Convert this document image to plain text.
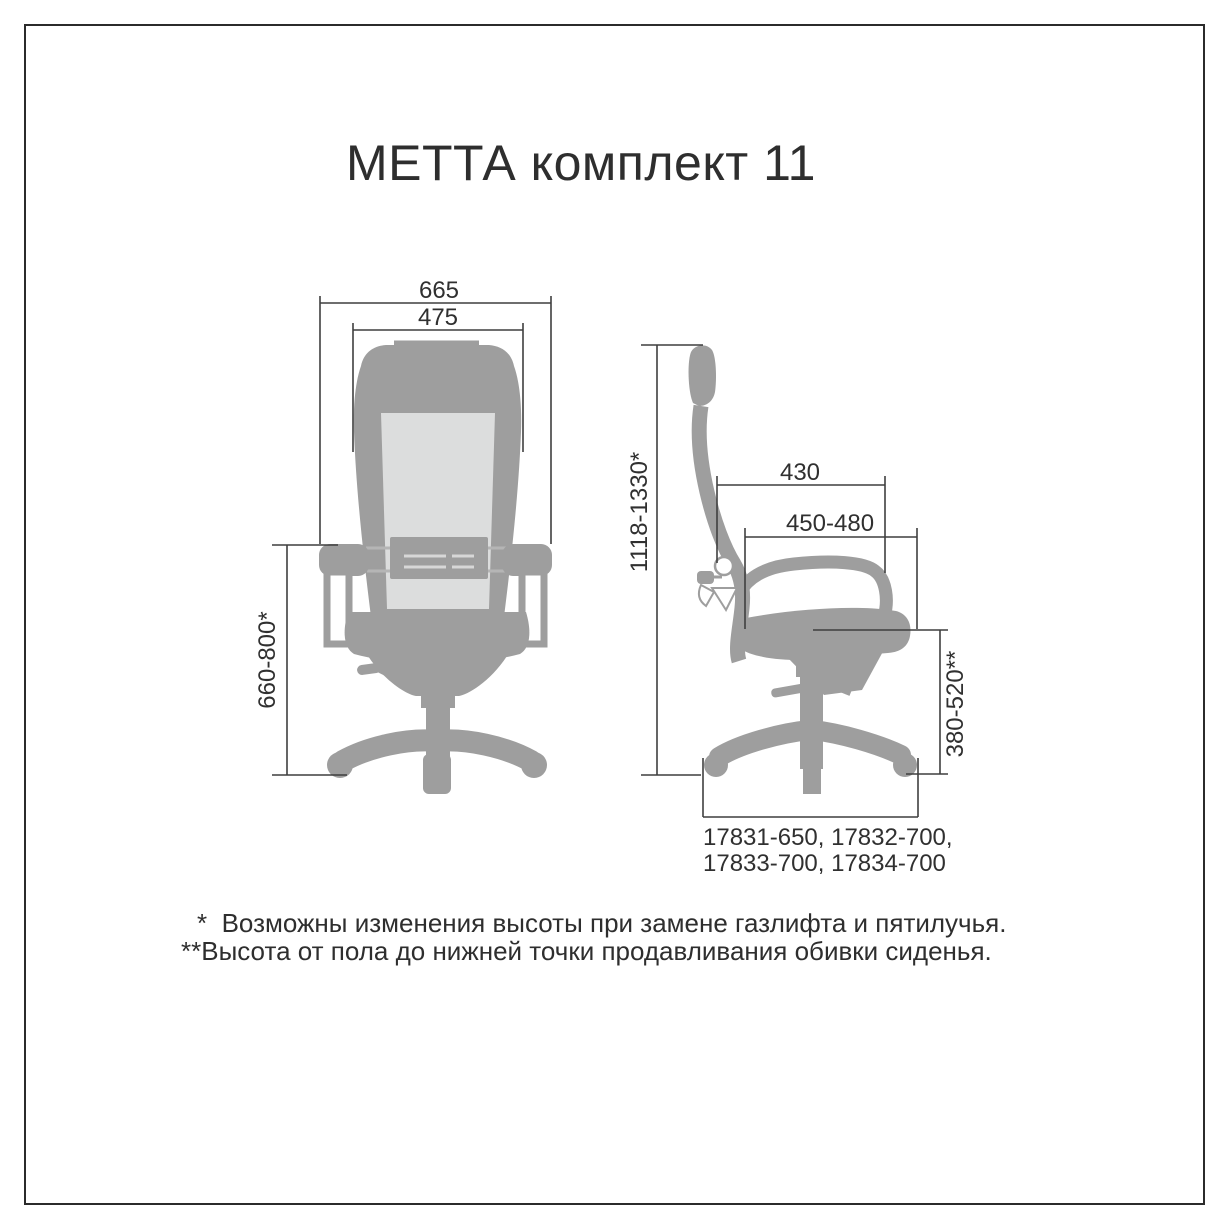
МЕТТА комплект 11
665
475
660-800*
430
450-480
1118-1330*
380-520**
17831-650, 17832-700,
17833-700, 17834-700
*  Возможны изменения высоты при замене газлифта и пятилучья.
**Высота от пола до нижней точки продавливания обивки сиденья.
